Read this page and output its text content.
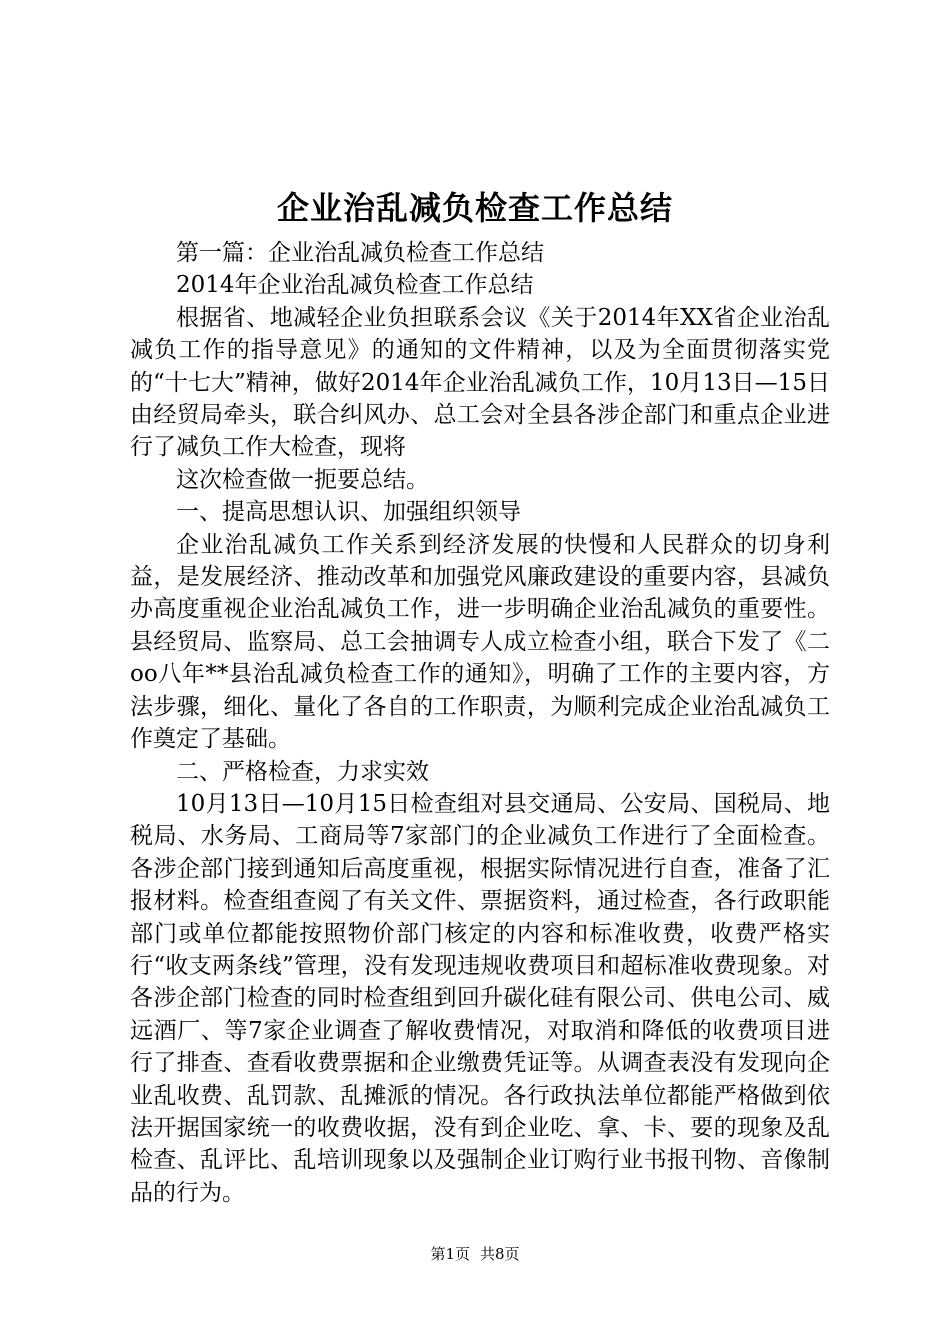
企业治乱减负检查工作总结

第一篇：企业治乱减负检查工作总结

2014年企业治乱减负检查工作总结

根据省、地减轻企业负担联系会议《关于2014年XX省企业治乱减负工作的指导意见》的通知的文件精神，以及为全面贯彻落实党的“十七大”精神，做好2014年企业治乱减负工作，10月13日—15日由经贸局牵头，联合纠风办、总工会对全县各涉企部门和重点企业进行了减负工作大检查，现将

这次检查做一扼要总结。

一、提高思想认识、加强组织领导

企业治乱减负工作关系到经济发展的快慢和人民群众的切身利益，是发展经济、推动改革和加强党风廉政建设的重要内容，县减负办高度重视企业治乱减负工作，进一步明确企业治乱减负的重要性。县经贸局、监察局、总工会抽调专人成立检查小组，联合下发了《二oo八年**县治乱减负检查工作的通知》，明确了工作的主要内容，方法步骤，细化、量化了各自的工作职责，为顺利完成企业治乱减负工作奠定了基础。

二、严格检查，力求实效

10月13日—10月15日检查组对县交通局、公安局、国税局、地税局、水务局、工商局等7家部门的企业减负工作进行了全面检查。各涉企部门接到通知后高度重视，根据实际情况进行自查，准备了汇报材料。检查组查阅了有关文件、票据资料，通过检查，各行政职能部门或单位都能按照物价部门核定的内容和标准收费，收费严格实行“收支两条线”管理，没有发现违规收费项目和超标准收费现象。对各涉企部门检查的同时检查组到回升碳化硅有限公司、供电公司、威远酒厂、等7家企业调查了解收费情况，对取消和降低的收费项目进行了排查、查看收费票据和企业缴费凭证等。从调查表没有发现向企业乱收费、乱罚款、乱摊派的情况。各行政执法单位都能严格做到依法开据国家统一的收费收据，没有到企业吃、拿、卡、要的现象及乱检查、乱评比、乱培训现象以及强制企业订购行业书报刊物、音像制品的行为。

第1页 共8页
